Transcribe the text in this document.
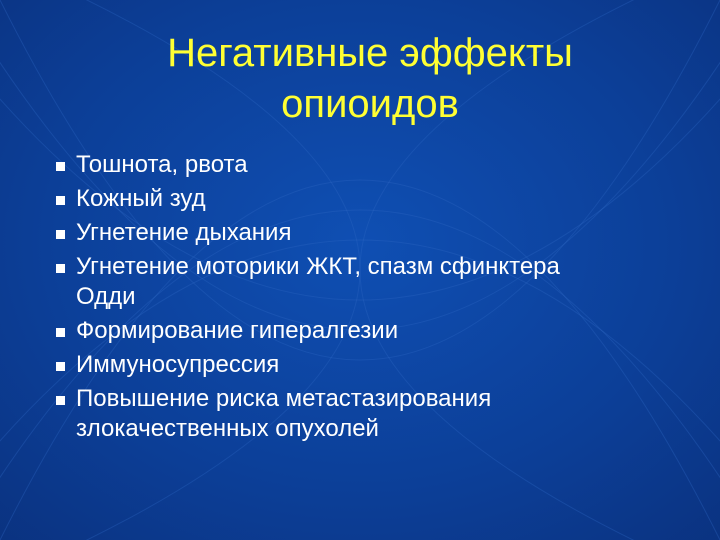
Негативные эффекты
опиоидов
Тошнота, рвота
Кожный зуд
Угнетение дыхания
Угнетение моторики ЖКТ, спазм сфинктера
Одди
Формирование гипералгезии
Иммуносупрессия
Повышение риска метастазирования
злокачественных опухолей
